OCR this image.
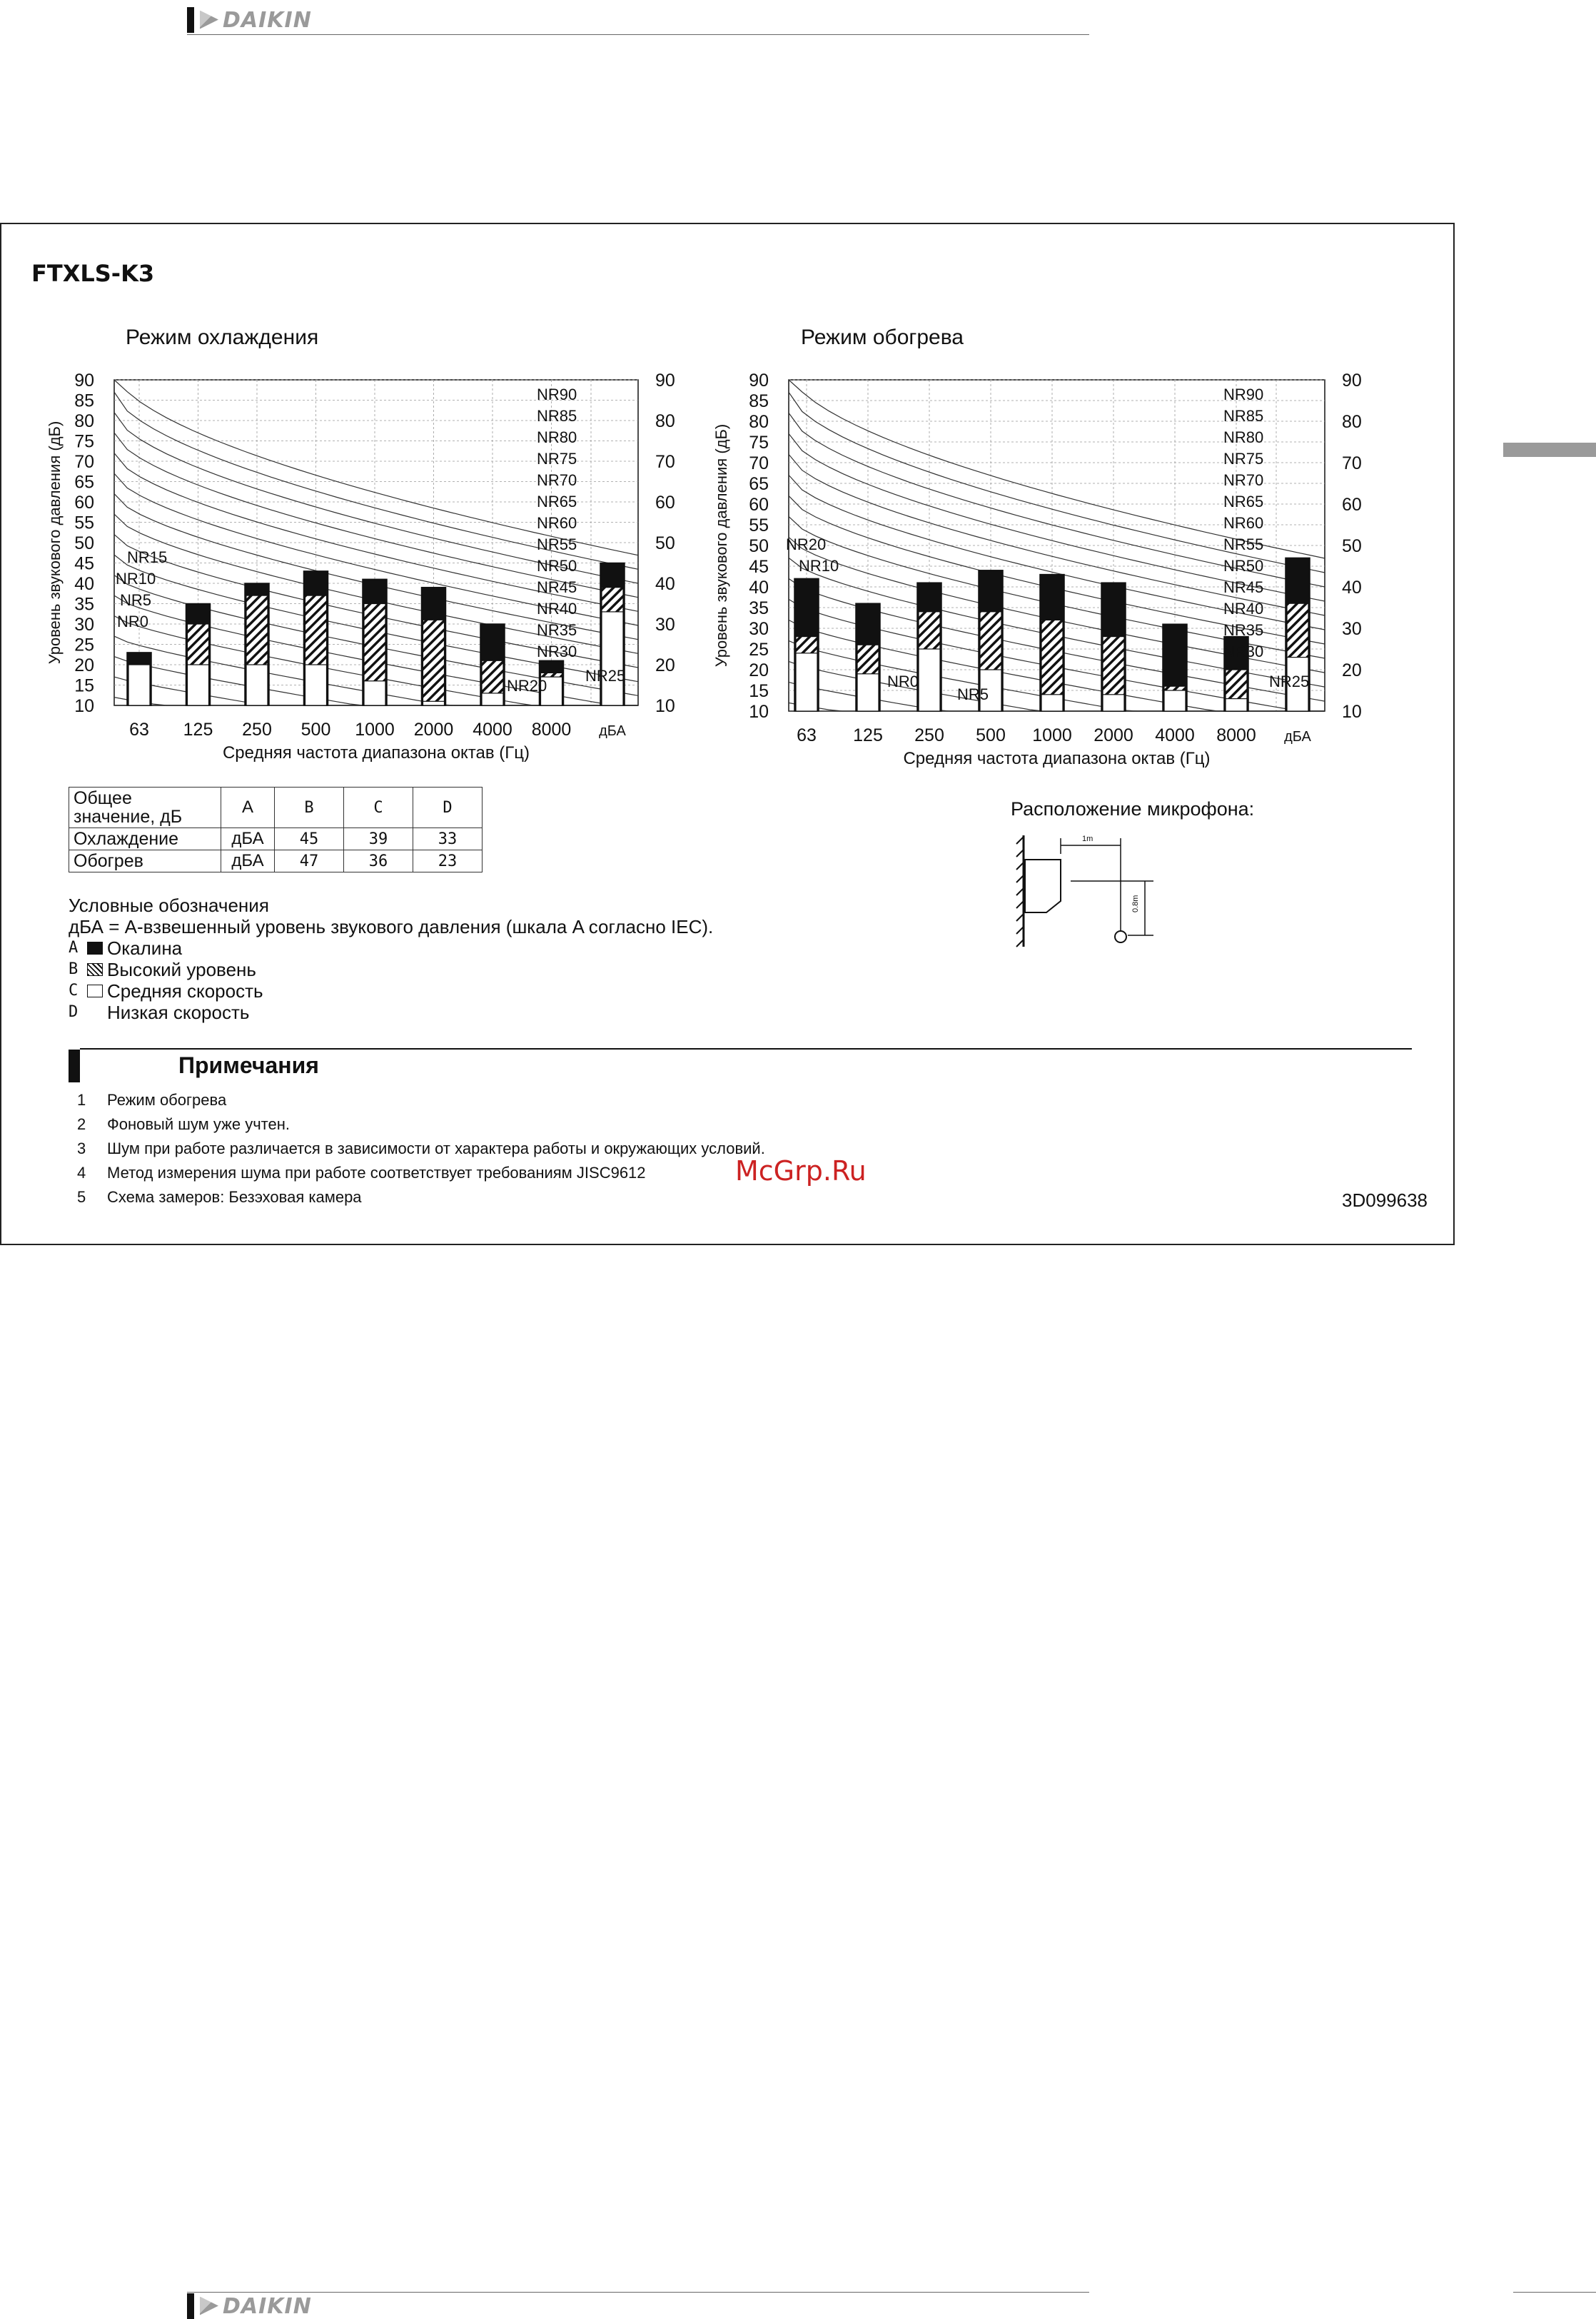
DAIKIN
FTXLS-K3
Режим охлаждения	Режим обогрева
90
85
80
75
70
65
60
55
50
45
40
35
30
25
20
15
10
90
80
70
60
50
40
30
20
10
NR90
NR85
NR80
NR75
NR70
NR65
NR60
NR55
NR50
NR45
NR40
NR35
NR30
NR25
NR20
NR15
NR10
NR5
NR0
63 125 250 500 1000 2000 4000 8000 дБА
Средняя частота диапазона октав (Гц)
Уровень звукового давления (дБ)
90
85
80
75
70
65
60
55
50
45
40
35
30
25
20
15
10
90
80
70
60
50
40
30
20
10
NR90
NR85
NR80
NR75
NR70
NR65
NR60
NR55
NR50
NR45
NR40
NR35
NR30
NR25
NR20
NR10
NR5
NR0
63 125 250 500 1000 2000 4000 8000 дБА
Средняя частота диапазона октав (Гц)
Уровень звукового давления (дБ)
Общее значение, дБ	A	B	C	D
Охлаждение	дБА	45	39	33
Обогрев	дБА	47	36	23
Условные обозначения
дБА = A-взвешенный уровень звукового давления (шкала A согласно IEC).
A	Окалина
B	Высокий уровень
C	Средняя скорость
D	Низкая скорость
Расположение микрофона:
1m
0.8m
Примечания
1	Режим обогрева
2	Фоновый шум уже учтен.
3	Шум при работе различается в зависимости от характера работы и окружающих условий.
4	Метод измерения шума при работе соответствует требованиям JISC9612
5	Схема замеров: Безэховая камера
McGrp.Ru
3D099638
DAIKIN
